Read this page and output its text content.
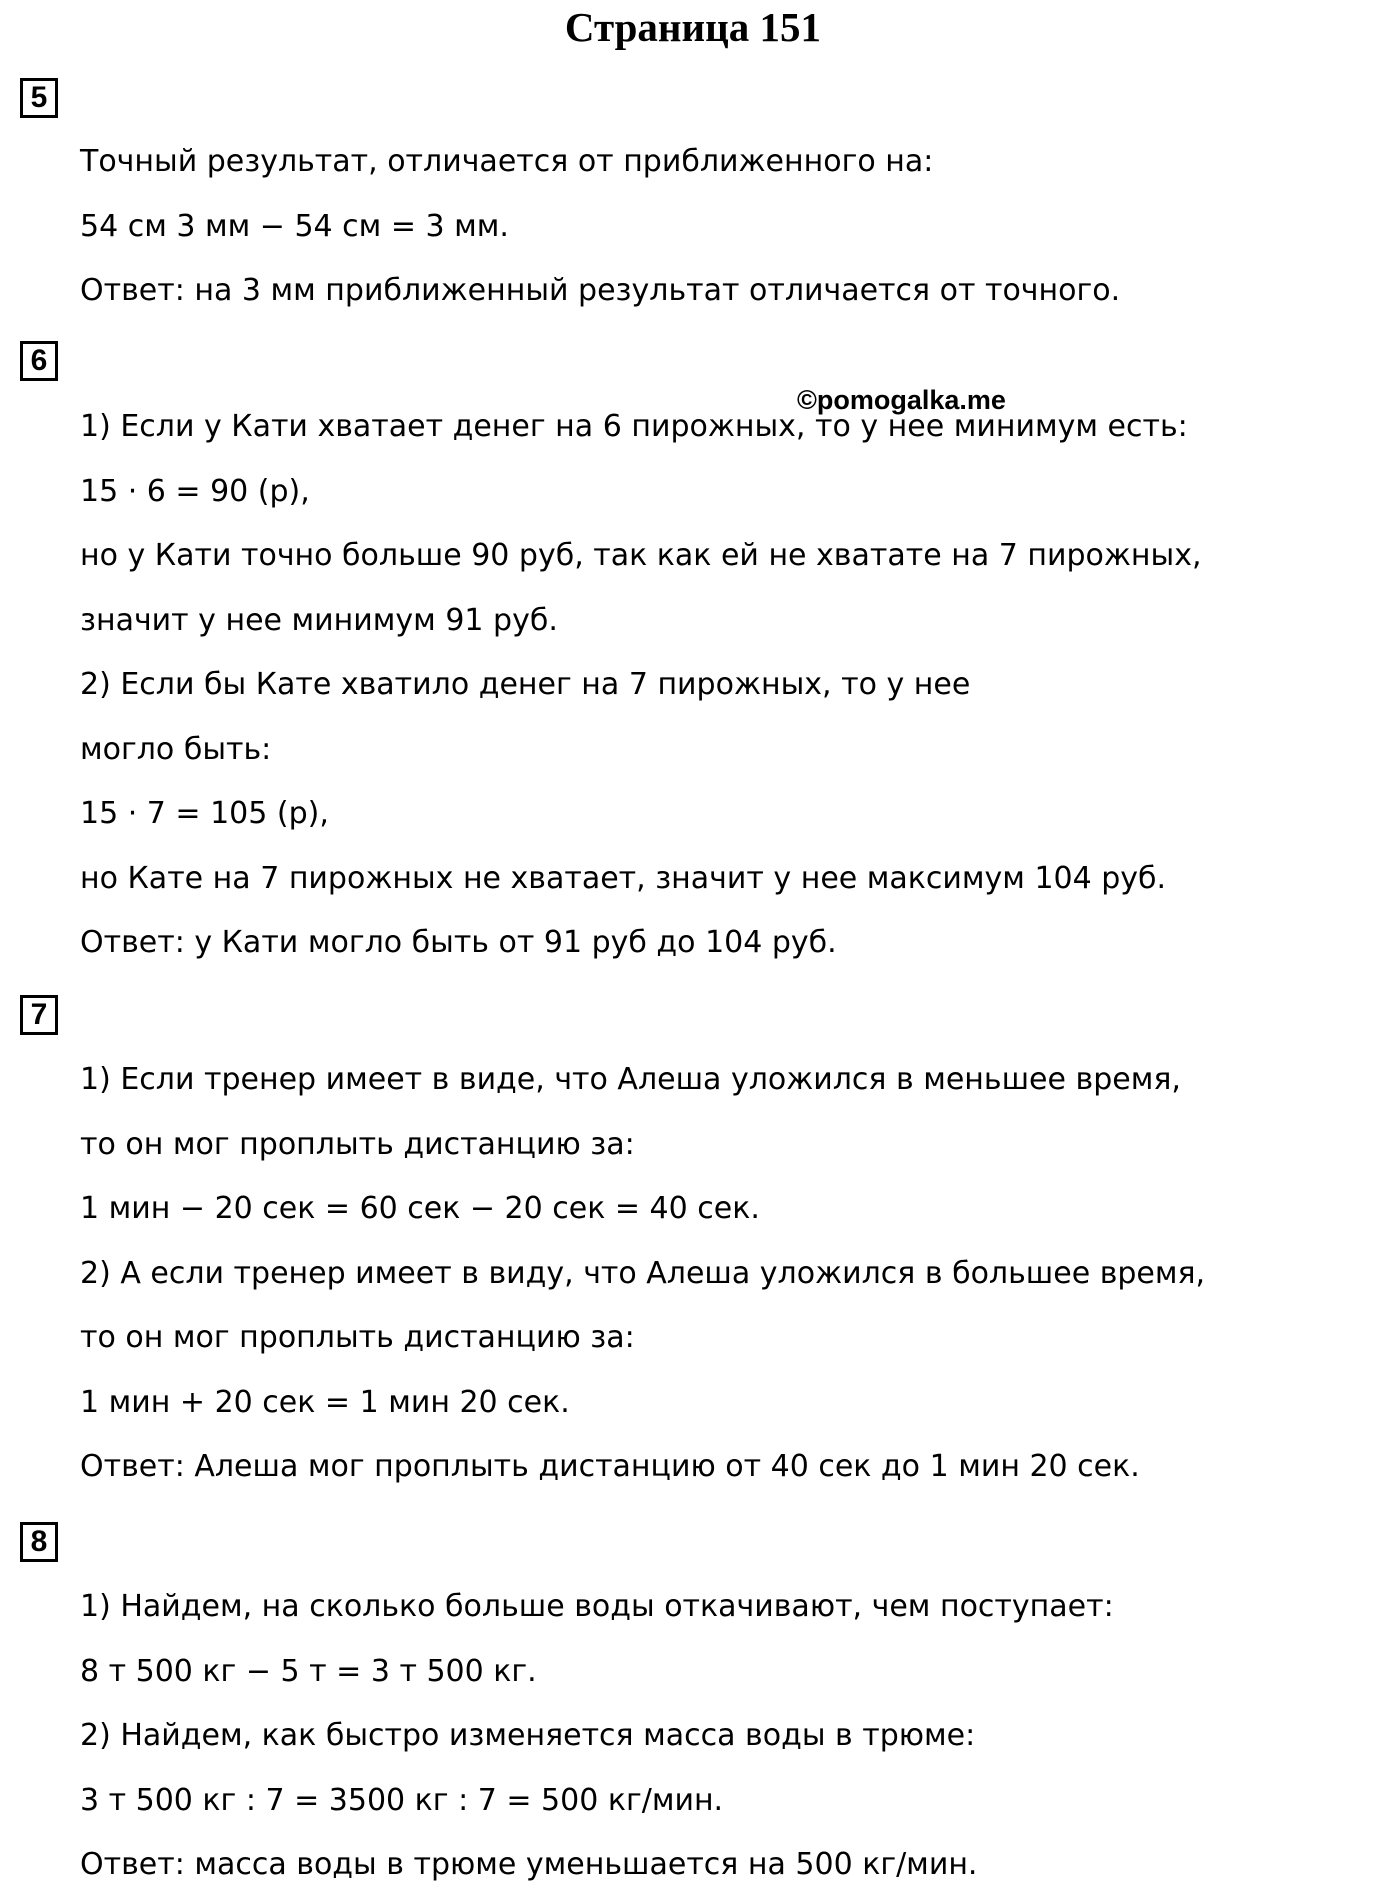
Страница 151
5
Точный результат, отличается от приближенного на:
54 см 3 мм − 54 см = 3 мм.
Ответ: на 3 мм приближенный результат отличается от точного.
6
1) Если у Кати хватает денег на 6 пирожных, то у нее минимум есть:
15 · 6 = 90 (р),
но у Кати точно больше 90 руб, так как ей не хватате на 7 пирожных,
значит у нее минимум 91 руб.
2) Если бы Кате хватило денег на 7 пирожных, то у нее
могло быть:
15 · 7 = 105 (р),
но Кате на 7 пирожных не хватает, значит у нее максимум 104 руб.
Ответ: у Кати могло быть от 91 руб до 104 руб.
7
1) Если тренер имеет в виде, что Алеша уложился в меньшее время,
то он мог проплыть дистанцию за:
1 мин − 20 сек = 60 сек − 20 сек = 40 сек.
2) А если тренер имеет в виду, что Алеша уложился в большее время,
то он мог проплыть дистанцию за:
1 мин + 20 сек = 1 мин 20 сек.
Ответ: Алеша мог проплыть дистанцию от 40 сек до 1 мин 20 сек.
8
1) Найдем, на сколько больше воды откачивают, чем поступает:
8 т 500 кг − 5 т = 3 т 500 кг.
2) Найдем, как быстро изменяется масса воды в трюме:
3 т 500 кг : 7 = 3500 кг : 7 = 500 кг/мин.
Ответ: масса воды в трюме уменьшается на 500 кг/мин.
©pomogalka.me
